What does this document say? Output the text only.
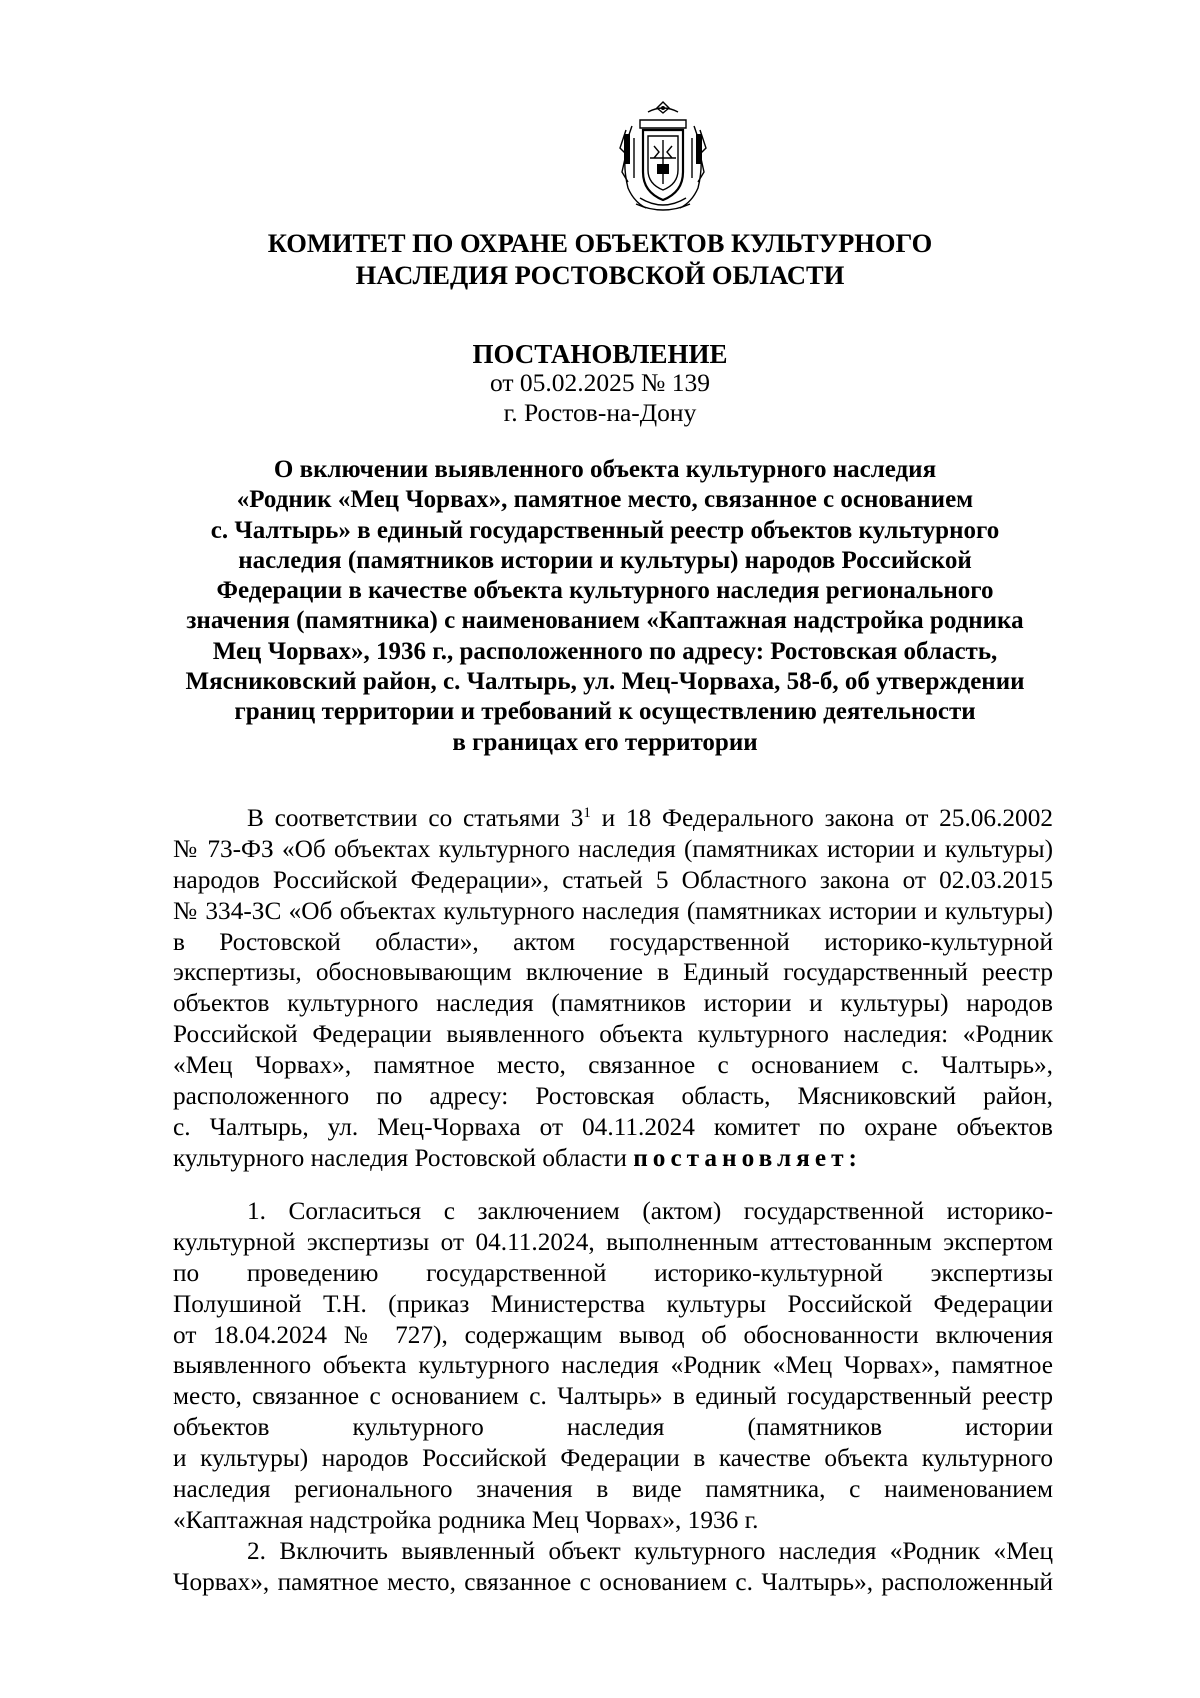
КОМИТЕТ ПО ОХРАНЕ ОБЪЕКТОВ КУЛЬТУРНОГО
НАСЛЕДИЯ РОСТОВСКОЙ ОБЛАСТИ
ПОСТАНОВЛЕНИЕ
от 05.02.2025 № 139
г. Ростов-на-Дону
О включении выявленного объекта культурного наследия
«Родник «Мец Чорвах», памятное место, связанное с основанием
с. Чалтырь» в единый государственный реестр объектов культурного
наследия (памятников истории и культуры) народов Российской
Федерации в качестве объекта культурного наследия регионального
значения (памятника) с наименованием «Каптажная надстройка родника
Мец Чорвах», 1936 г., расположенного по адресу: Ростовская область,
Мясниковский район, с. Чалтырь, ул. Мец-Чорваха, 58-б, об утверждении
границ территории и требований к осуществлению деятельности
в границах его территории
В соответствии со статьями $3^1$ и 18 Федерального закона от 25.06.2002
№ 73-ФЗ «Об объектах культурного наследия (памятниках истории и культуры)
народов Российской Федерации», статьей 5 Областного закона от 02.03.2015
№ 334-ЗС «Об объектах культурного наследия (памятниках истории и культуры)
в Ростовской области», актом государственной историко-культурной
экспертизы, обосновывающим включение в Единый государственный реестр
объектов культурного наследия (памятников истории и культуры) народов
Российской Федерации выявленного объекта культурного наследия: «Родник
«Мец Чорвах», памятное место, связанное с основанием с. Чалтырь»,
расположенного по адресу: Ростовская область, Мясниковский район,
с. Чалтырь, ул. Мец-Чорваха от 04.11.2024 комитет по охране объектов
культурного наследия Ростовской области постановляет:
1. Согласиться с заключением (актом) государственной историко-
культурной экспертизы от 04.11.2024, выполненным аттестованным экспертом
по проведению государственной историко-культурной экспертизы
Полушиной Т.Н. (приказ Министерства культуры Российской Федерации
от 18.04.2024 № 727), содержащим вывод об обоснованности включения
выявленного объекта культурного наследия «Родник «Мец Чорвах», памятное
место, связанное с основанием с. Чалтырь» в единый государственный реестр
объектов культурного наследия (памятников истории
и культуры) народов Российской Федерации в качестве объекта культурного
наследия регионального значения в виде памятника, с наименованием
«Каптажная надстройка родника Мец Чорвах», 1936 г.
2. Включить выявленный объект культурного наследия «Родник «Мец
Чорвах», памятное место, связанное с основанием с. Чалтырь», расположенный
